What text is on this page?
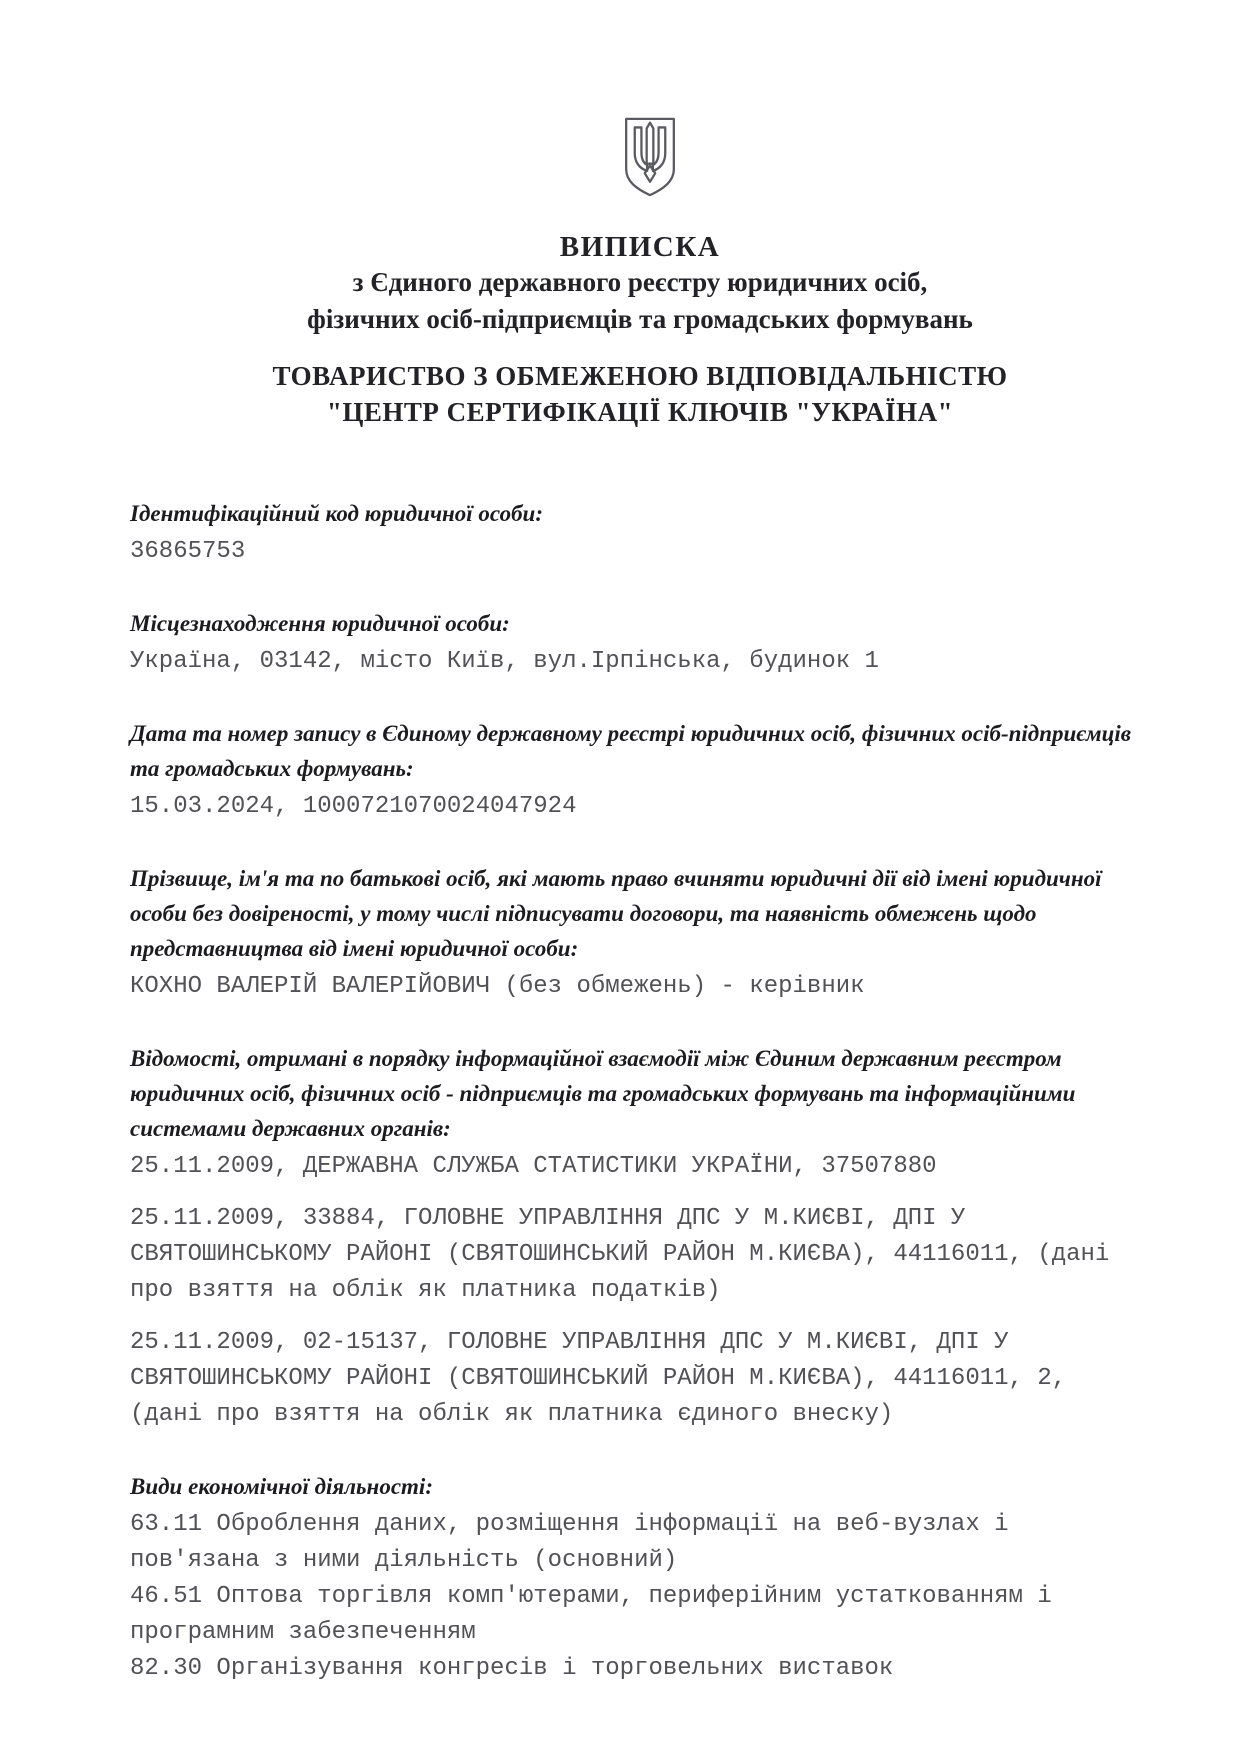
ВИПИСКА
з Єдиного державного реєстру юридичних осіб,
фізичних осіб-підприємців та громадських формувань
ТОВАРИСТВО З ОБМЕЖЕНОЮ ВІДПОВІДАЛЬНІСТЮ
"ЦЕНТР СЕРТИФІКАЦІЇ КЛЮЧІВ "УКРАЇНА"
Ідентифікаційний код юридичної особи:
36865753
Місцезнаходження юридичної особи:
Україна, 03142, місто Київ, вул.Ірпінська, будинок 1
Дата та номер запису в Єдиному державному реєстрі юридичних осіб, фізичних осіб-підприємців та громадських формувань:
15.03.2024, 1000721070024047924
Прізвище, ім'я та по батькові осіб, які мають право вчиняти юридичні дії від імені юридичної особи без довіреності, у тому числі підписувати договори, та наявність обмежень щодо представництва від імені юридичної особи:
КОХНО ВАЛЕРІЙ ВАЛЕРІЙОВИЧ (без обмежень) - керівник
Відомості, отримані в порядку інформаційної взаємодії між Єдиним державним реєстром юридичних осіб, фізичних осіб - підприємців та громадських формувань та інформаційними системами державних органів:
25.11.2009, ДЕРЖАВНА СЛУЖБА СТАТИСТИКИ УКРАЇНИ, 37507880
25.11.2009, 33884, ГОЛОВНЕ УПРАВЛІННЯ ДПС У М.КИЄВІ, ДПІ У СВЯТОШИНСЬКОМУ РАЙОНІ (СВЯТОШИНСЬКИЙ РАЙОН М.КИЄВА), 44116011, (дані про взяття на облік як платника податків)
25.11.2009, 02-15137, ГОЛОВНЕ УПРАВЛІННЯ ДПС У М.КИЄВІ, ДПІ У СВЯТОШИНСЬКОМУ РАЙОНІ (СВЯТОШИНСЬКИЙ РАЙОН М.КИЄВА), 44116011, 2, (дані про взяття на облік як платника єдиного внеску)
Види економічної діяльності:
63.11 Оброблення даних, розміщення інформації на веб-вузлах і пов'язана з ними діяльність (основний)
46.51 Оптова торгівля комп'ютерами, периферійним устаткованням і програмним забезпеченням
82.30 Організування конгресів і торговельних виставок
